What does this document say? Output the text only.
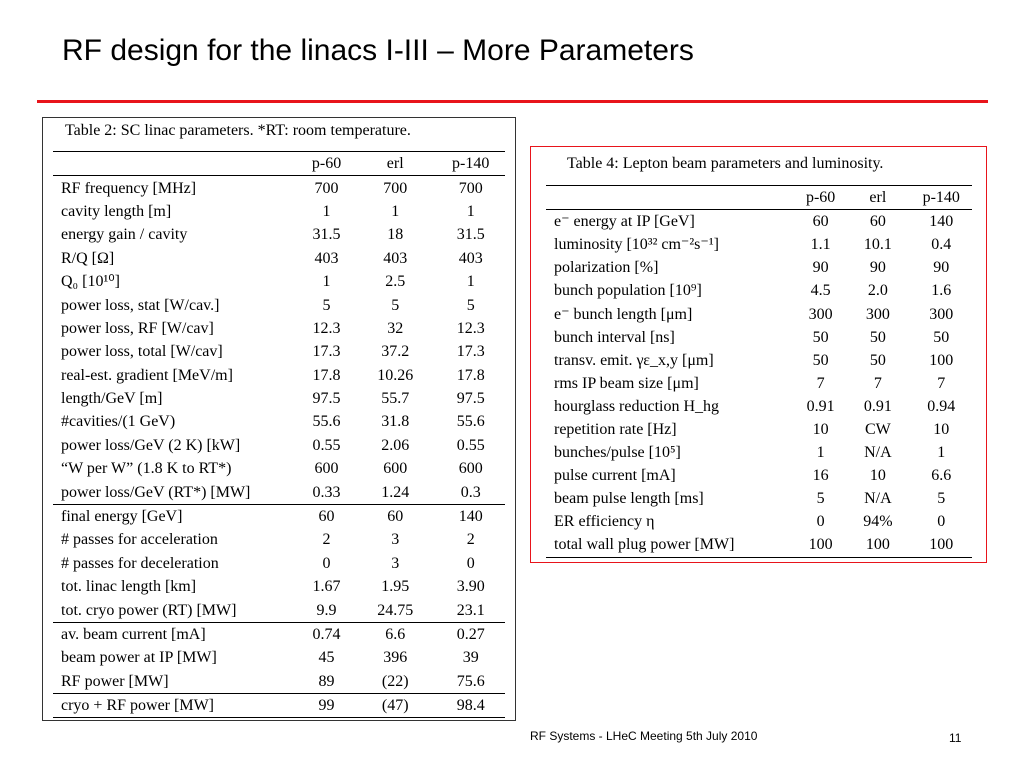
RF design for the linacs I-III – More Parameters
Table 2: SC linac parameters. *RT: room temperature.
	p-60	erl	p-140
RF frequency [MHz]	700	700	700
cavity length [m]	1	1	1
energy gain / cavity	31.5	18	31.5
R/Q [Ω]	403	403	403
Q₀ [10¹⁰]	1	2.5	1
power loss, stat [W/cav.]	5	5	5
power loss, RF [W/cav]	12.3	32	12.3
power loss, total [W/cav]	17.3	37.2	17.3
real-est. gradient [MeV/m]	17.8	10.26	17.8
length/GeV [m]	97.5	55.7	97.5
#cavities/(1 GeV)	55.6	31.8	55.6
power loss/GeV (2 K) [kW]	0.55	2.06	0.55
“W per W” (1.8 K to RT*)	600	600	600
power loss/GeV (RT*) [MW]	0.33	1.24	0.3
final energy [GeV]	60	60	140
# passes for acceleration	2	3	2
# passes for deceleration	0	3	0
tot. linac length [km]	1.67	1.95	3.90
tot. cryo power (RT) [MW]	9.9	24.75	23.1
av. beam current [mA]	0.74	6.6	0.27
beam power at IP [MW]	45	396	39
RF power [MW]	89	(22)	75.6
cryo + RF power [MW]	99	(47)	98.4
Table 4: Lepton beam parameters and luminosity.
	p-60	erl	p-140
e⁻ energy at IP [GeV]	60	60	140
luminosity [10³² cm⁻²s⁻¹]	1.1	10.1	0.4
polarization [%]	90	90	90
bunch population [10⁹]	4.5	2.0	1.6
e⁻ bunch length [μm]	300	300	300
bunch interval [ns]	50	50	50
transv. emit. γε_x,y [μm]	50	50	100
rms IP beam size [μm]	7	7	7
hourglass reduction H_hg	0.91	0.91	0.94
repetition rate [Hz]	10	CW	10
bunches/pulse [10⁵]	1	N/A	1
pulse current [mA]	16	10	6.6
beam pulse length [ms]	5	N/A	5
ER efficiency η	0	94%	0
total wall plug power [MW]	100	100	100
RF Systems - LHeC Meeting 5th July 2010	11
